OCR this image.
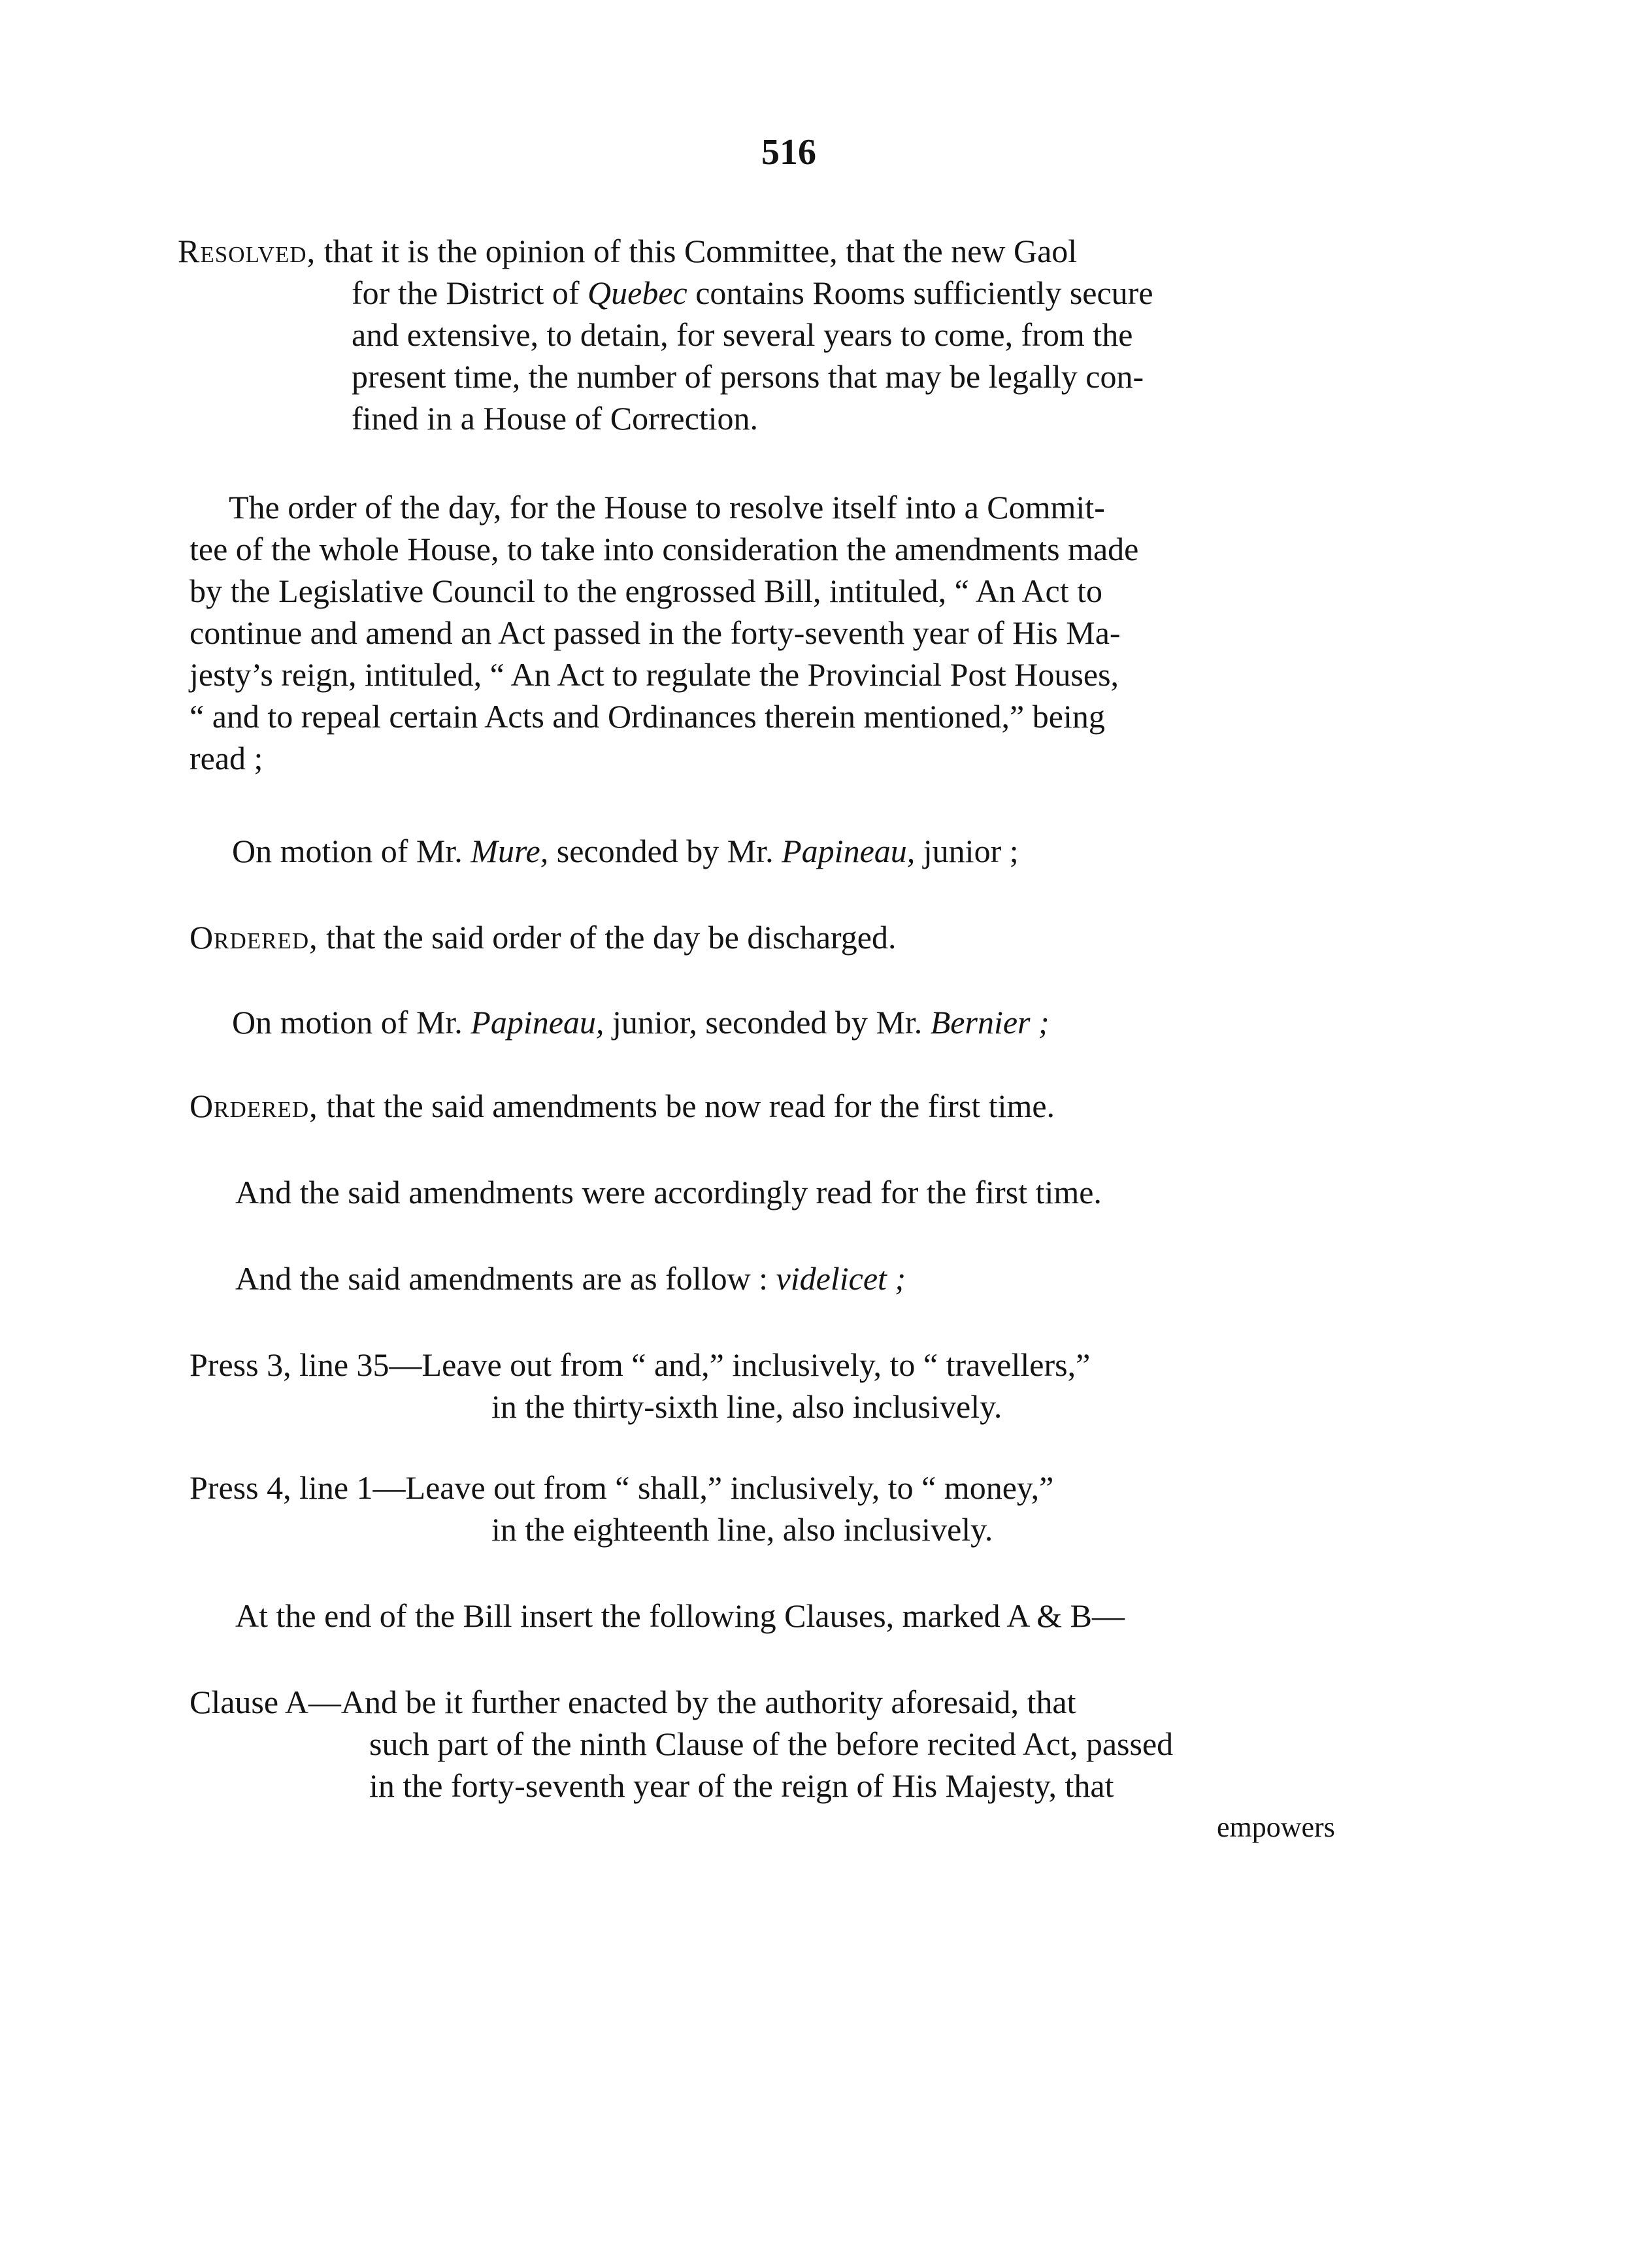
516
Resolved, that it is the opinion of this Committee, that the new Gaol
for the District of Quebec contains Rooms sufficiently secure
and extensive, to detain, for several years to come, from the
present time, the number of persons that may be legally con-
fined in a House of Correction.
The order of the day, for the House to resolve itself into a Commit-
tee of the whole House, to take into consideration the amendments made
by the Legislative Council to the engrossed Bill, intituled, “ An Act to
continue and amend an Act passed in the forty-seventh year of His Ma-
jesty’s reign, intituled, “ An Act to regulate the Provincial Post Houses,
“ and to repeal certain Acts and Ordinances therein mentioned,” being
read ;
On motion of Mr. Mure, seconded by Mr. Papineau, junior ;
Ordered, that the said order of the day be discharged.
On motion of Mr. Papineau, junior, seconded by Mr. Bernier ;
Ordered, that the said amendments be now read for the first time.
And the said amendments were accordingly read for the first time.
And the said amendments are as follow : videlicet ;
Press 3, line 35—Leave out from “ and,” inclusively, to “ travellers,”
in the thirty-sixth line, also inclusively.
Press 4, line 1—Leave out from “ shall,” inclusively, to “ money,”
in the eighteenth line, also inclusively.
At the end of the Bill insert the following Clauses, marked A & B—
Clause A—And be it further enacted by the authority aforesaid, that
such part of the ninth Clause of the before recited Act, passed
in the forty-seventh year of the reign of His Majesty, that
empowers
